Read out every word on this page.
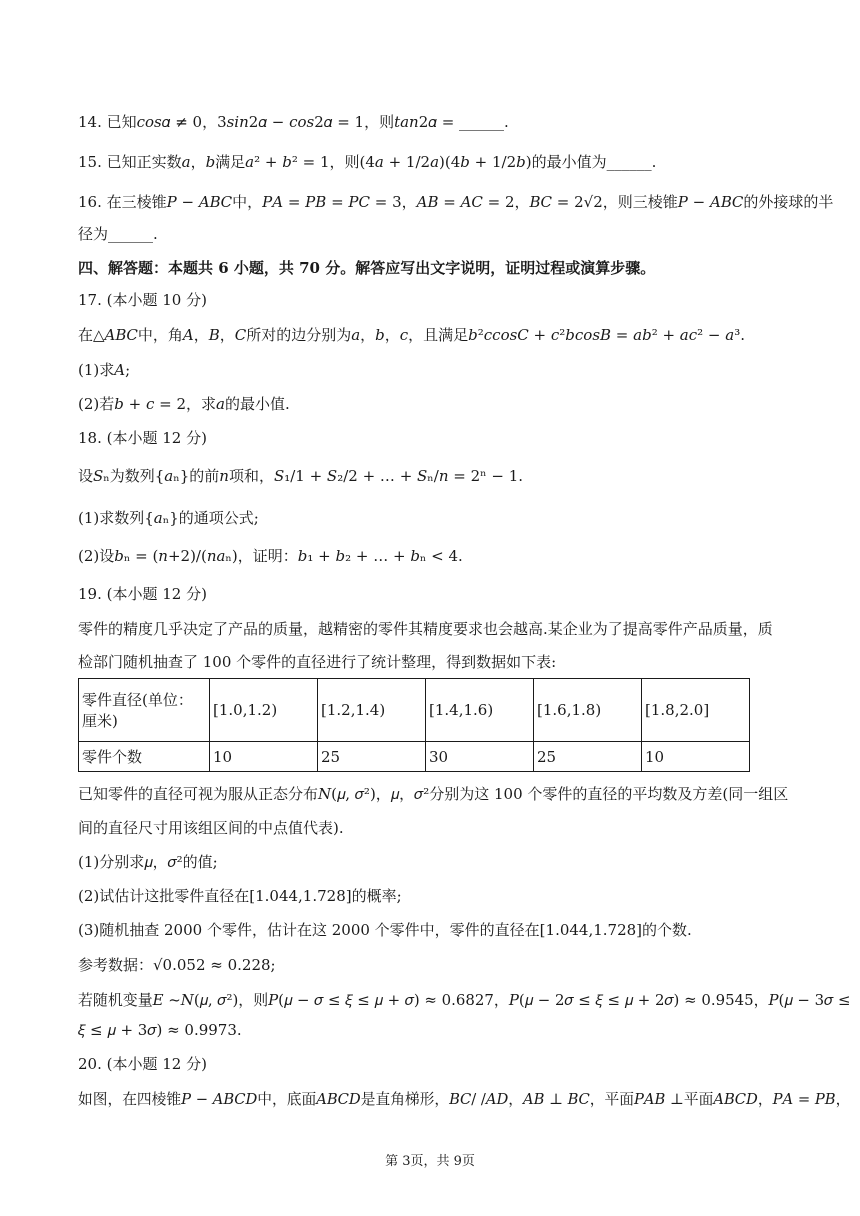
14. 已知𝑐𝑜𝑠𝛼 ≠ 0，3𝑠𝑖𝑛2𝛼 − 𝑐𝑜𝑠2𝛼 = 1，则𝑡𝑎𝑛2𝛼 = ______.
15. 已知正实数𝑎，𝑏满足𝑎² + 𝑏² = 1，则(4𝑎 + 1/2𝑎)(4𝑏 + 1/2𝑏)的最小值为______.
16. 在三棱锥𝑃 − 𝐴𝐵𝐶中，𝑃𝐴 = 𝑃𝐵 = 𝑃𝐶 = 3，𝐴𝐵 = 𝐴𝐶 = 2，𝐵𝐶 = 2√2，则三棱锥𝑃 − 𝐴𝐵𝐶的外接球的半
径为______.
四、解答题：本题共 6 小题，共 70 分。解答应写出文字说明，证明过程或演算步骤。
17. (本小题 10 分)
在△𝐴𝐵𝐶中，角𝐴，𝐵，𝐶所对的边分别为𝑎，𝑏，𝑐，且满足𝑏²𝑐𝑐𝑜𝑠𝐶 + 𝑐²𝑏𝑐𝑜𝑠𝐵 = 𝑎𝑏² + 𝑎𝑐² − 𝑎³.
(1)求𝐴;
(2)若𝑏 + 𝑐 = 2，求𝑎的最小值.
18. (本小题 12 分)
设𝑆ₙ为数列{𝑎ₙ}的前𝑛项和，𝑆₁/1 + 𝑆₂/2 + … + 𝑆ₙ/𝑛 = 2ⁿ − 1.
(1)求数列{𝑎ₙ}的通项公式;
(2)设𝑏ₙ = (𝑛+2)/(𝑛𝑎ₙ)，证明：𝑏₁ + 𝑏₂ + … + 𝑏ₙ < 4.
19. (本小题 12 分)
零件的精度几乎决定了产品的质量，越精密的零件其精度要求也会越高.某企业为了提高零件产品质量，质
检部门随机抽查了 100 个零件的直径进行了统计整理，得到数据如下表:
零件直径(单位：厘米)	[1.0,1.2)	[1.2,1.4)	[1.4,1.6)	[1.6,1.8)	[1.8,2.0]
零件个数	10	25	30	25	10
已知零件的直径可视为服从正态分布𝑁(𝜇, 𝜎²)，𝜇，𝜎²分别为这 100 个零件的直径的平均数及方差(同一组区
间的直径尺寸用该组区间的中点值代表).
(1)分别求𝜇，𝜎²的值;
(2)试估计这批零件直径在[1.044,1.728]的概率;
(3)随机抽查 2000 个零件，估计在这 2000 个零件中，零件的直径在[1.044,1.728]的个数.
参考数据：√0.052 ≈ 0.228;
若随机变量𝐸 ~𝑁(𝜇, 𝜎²)，则𝑃(𝜇 − 𝜎 ≤ 𝜉 ≤ 𝜇 + 𝜎) ≈ 0.6827，𝑃(𝜇 − 2𝜎 ≤ 𝜉 ≤ 𝜇 + 2𝜎) ≈ 0.9545，𝑃(𝜇 − 3𝜎 ≤
𝜉 ≤ 𝜇 + 3𝜎) ≈ 0.9973.
20. (本小题 12 分)
如图，在四棱锥𝑃 − 𝐴𝐵𝐶𝐷中，底面𝐴𝐵𝐶𝐷是直角梯形，𝐵𝐶/ /𝐴𝐷，𝐴𝐵 ⊥ 𝐵𝐶，平面𝑃𝐴𝐵 ⊥平面𝐴𝐵𝐶𝐷，𝑃𝐴 = 𝑃𝐵，
第 3页，共 9页
